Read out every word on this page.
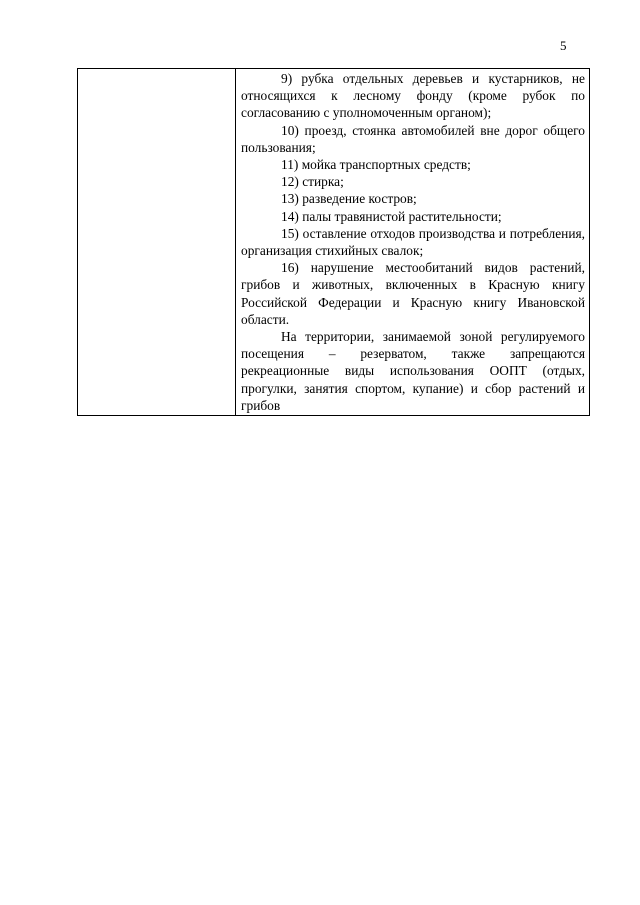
5

9) рубка отдельных деревьев и кустарников, не относящихся к лесному фонду (кроме рубок по согласованию с уполномоченным органом);

10) проезд, стоянка автомобилей вне дорог общего пользования;

11) мойка транспортных средств;

12) стирка;

13) разведение костров;

14) палы травянистой растительности;

15) оставление отходов производства и потребления, организация стихийных свалок;

16) нарушение местообитаний видов растений, грибов и животных, включенных в Красную книгу Российской Федерации и Красную книгу Ивановской области.

На территории, занимаемой зоной регулируемого посещения – резерватом, также запрещаются рекреационные виды использования ООПТ (отдых, прогулки, занятия спортом, купание) и сбор растений и грибов
